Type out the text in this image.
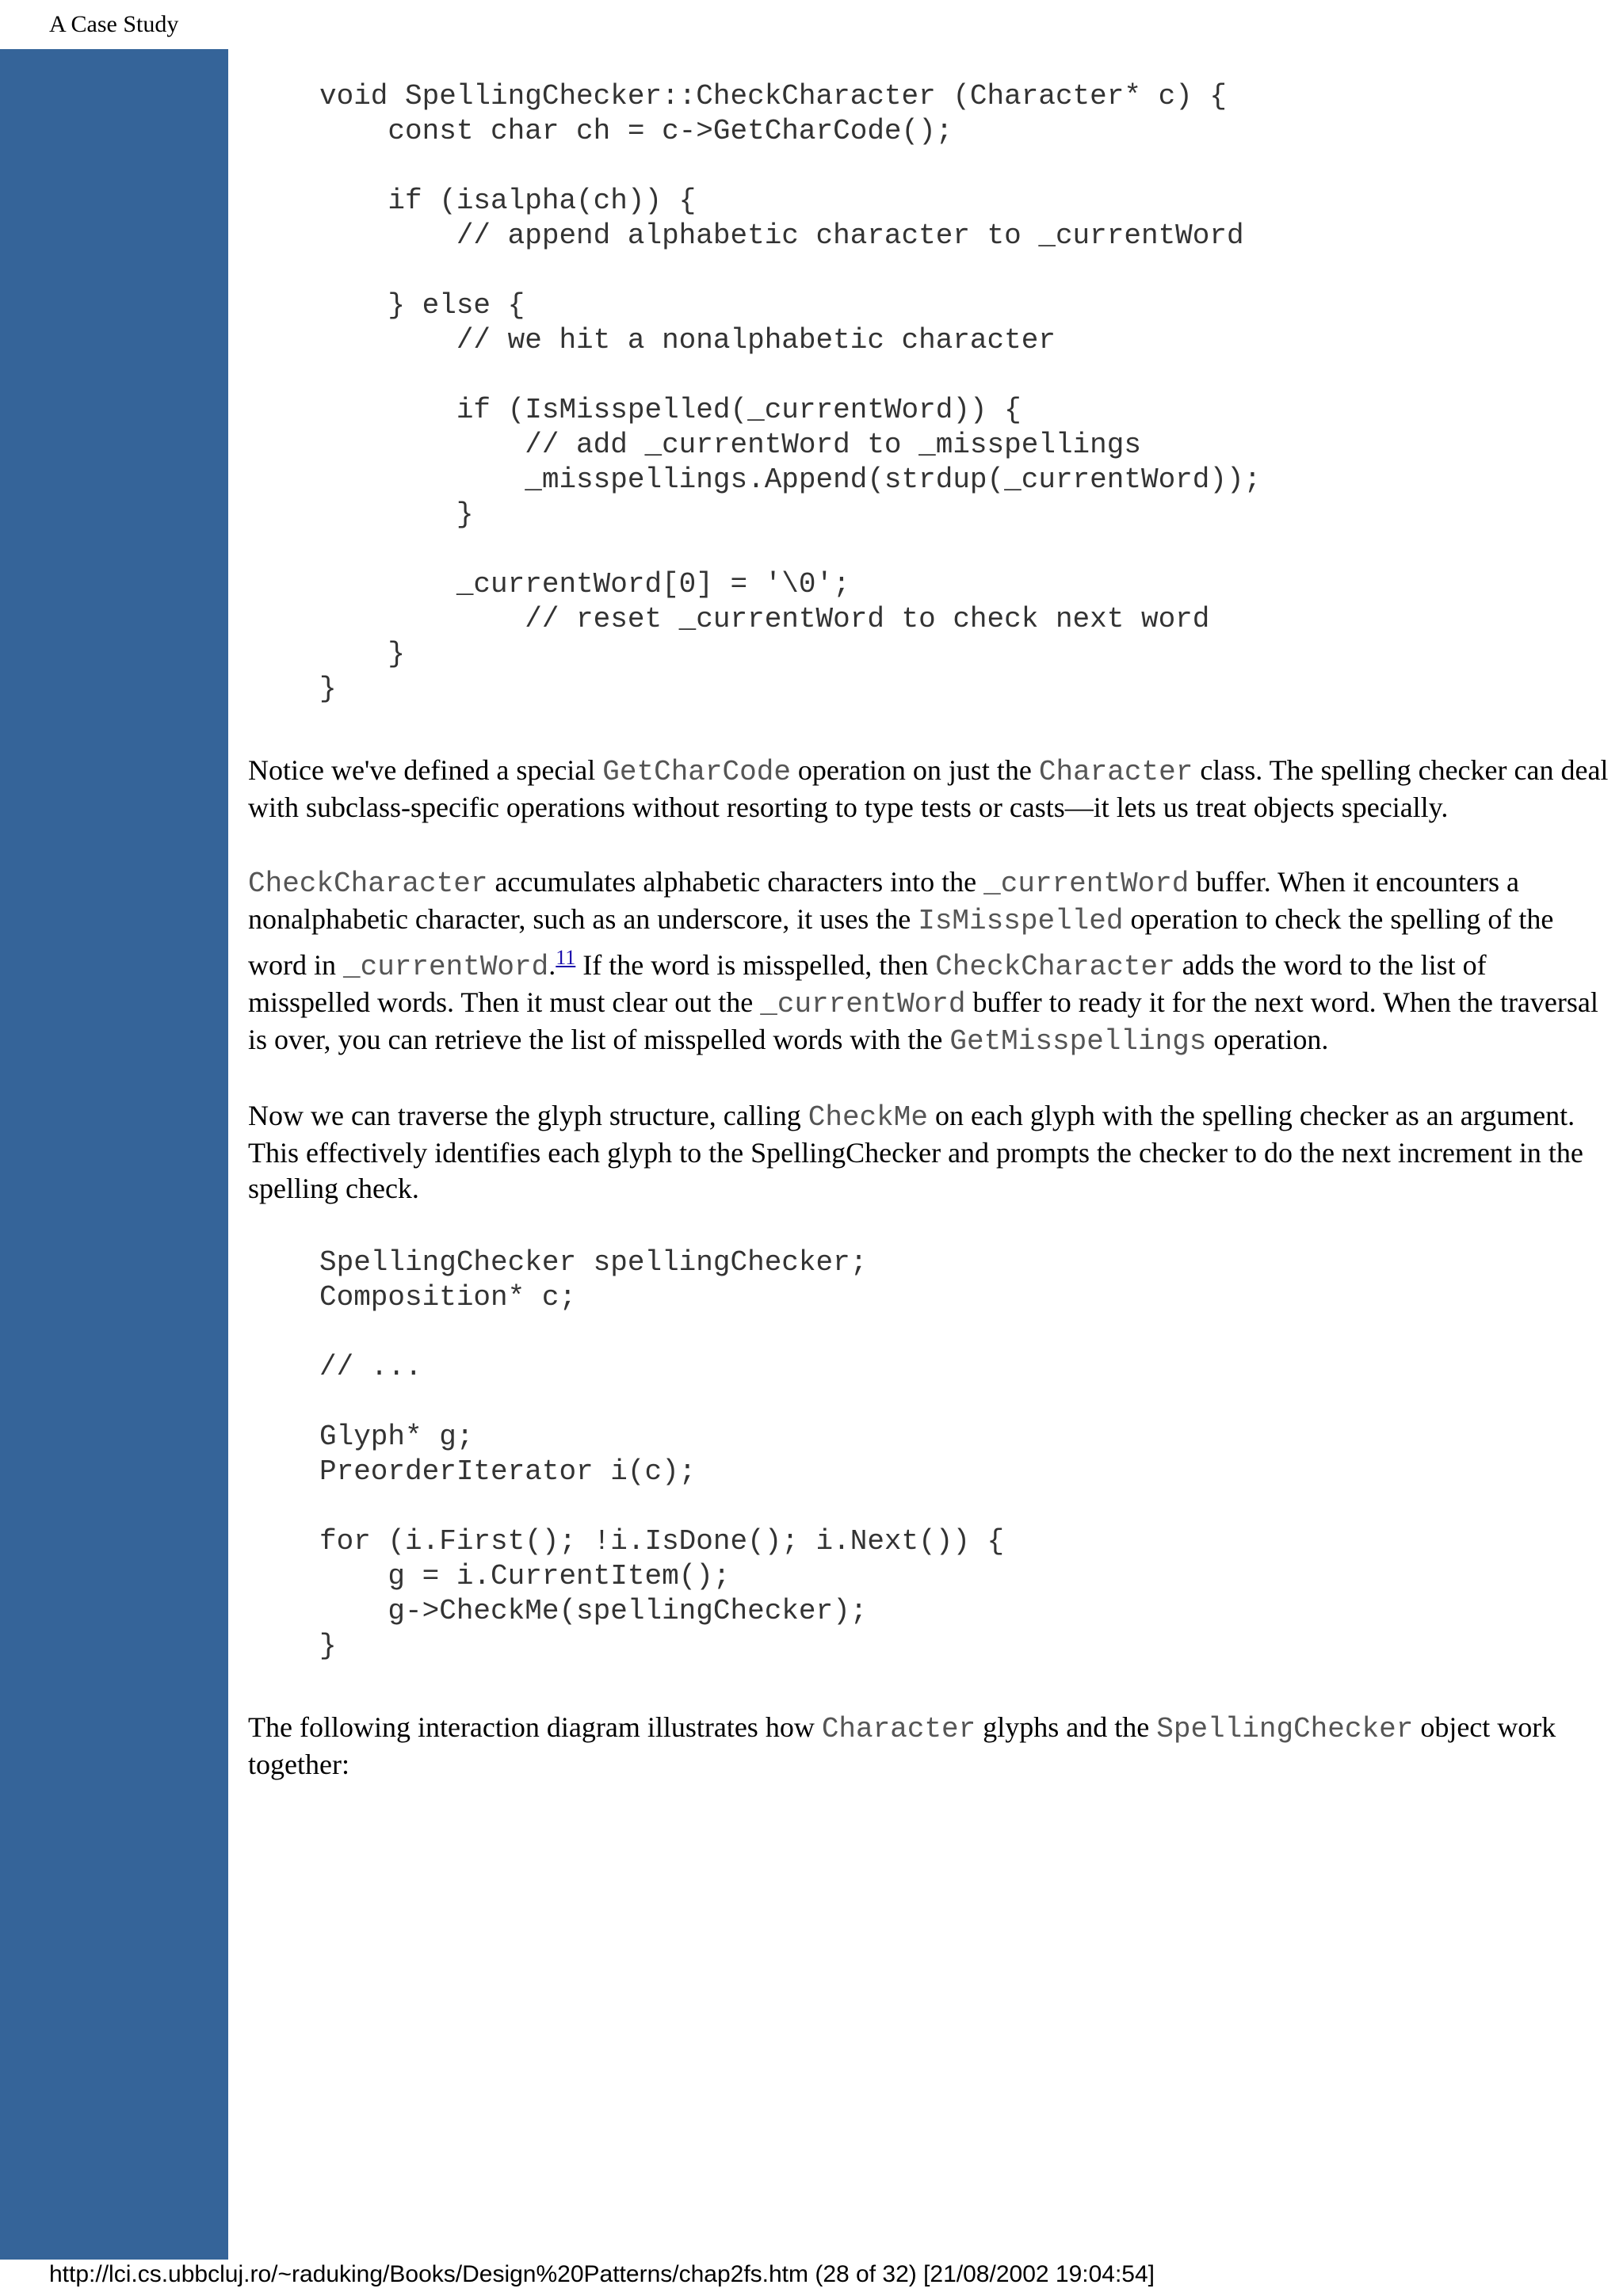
A Case Study
void SpellingChecker::CheckCharacter (Character* c) {
const char ch = c->GetCharCode();

if (isalpha(ch)) {
// append alphabetic character to _currentWord

} else {
// we hit a nonalphabetic character

if (IsMisspelled(_currentWord)) {
// add _currentWord to _misspellings
_misspellings.Append(strdup(_currentWord));
}

_currentWord[0] = '\0';
// reset _currentWord to check next word
}
}

Notice we've defined a special GetCharCode operation on just the Character class. The spelling checker can deal with subclass-specific operations without resorting to type tests or casts—it lets us treat objects specially.

CheckCharacter accumulates alphabetic characters into the _currentWord buffer. When it encounters a nonalphabetic character, such as an underscore, it uses the IsMisspelled operation to check the spelling of the word in _currentWord.$^{11}$ If the word is misspelled, then CheckCharacter adds the word to the list of misspelled words. Then it must clear out the _currentWord buffer to ready it for the next word. When the traversal is over, you can retrieve the list of misspelled words with the GetMisspellings operation.

Now we can traverse the glyph structure, calling CheckMe on each glyph with the spelling checker as an argument. This effectively identifies each glyph to the SpellingChecker and prompts the checker to do the next increment in the spelling check.

SpellingChecker spellingChecker;
Composition* c;

// ...

Glyph* g;
PreorderIterator i(c);

for (i.First(); !i.IsDone(); i.Next()) {
g = i.CurrentItem();
g->CheckMe(spellingChecker);
}

The following interaction diagram illustrates how Character glyphs and the SpellingChecker object work together:

http://lci.cs.ubbcluj.ro/~raduking/Books/Design%20Patterns/chap2fs.htm (28 of 32) [21/08/2002 19:04:54]
